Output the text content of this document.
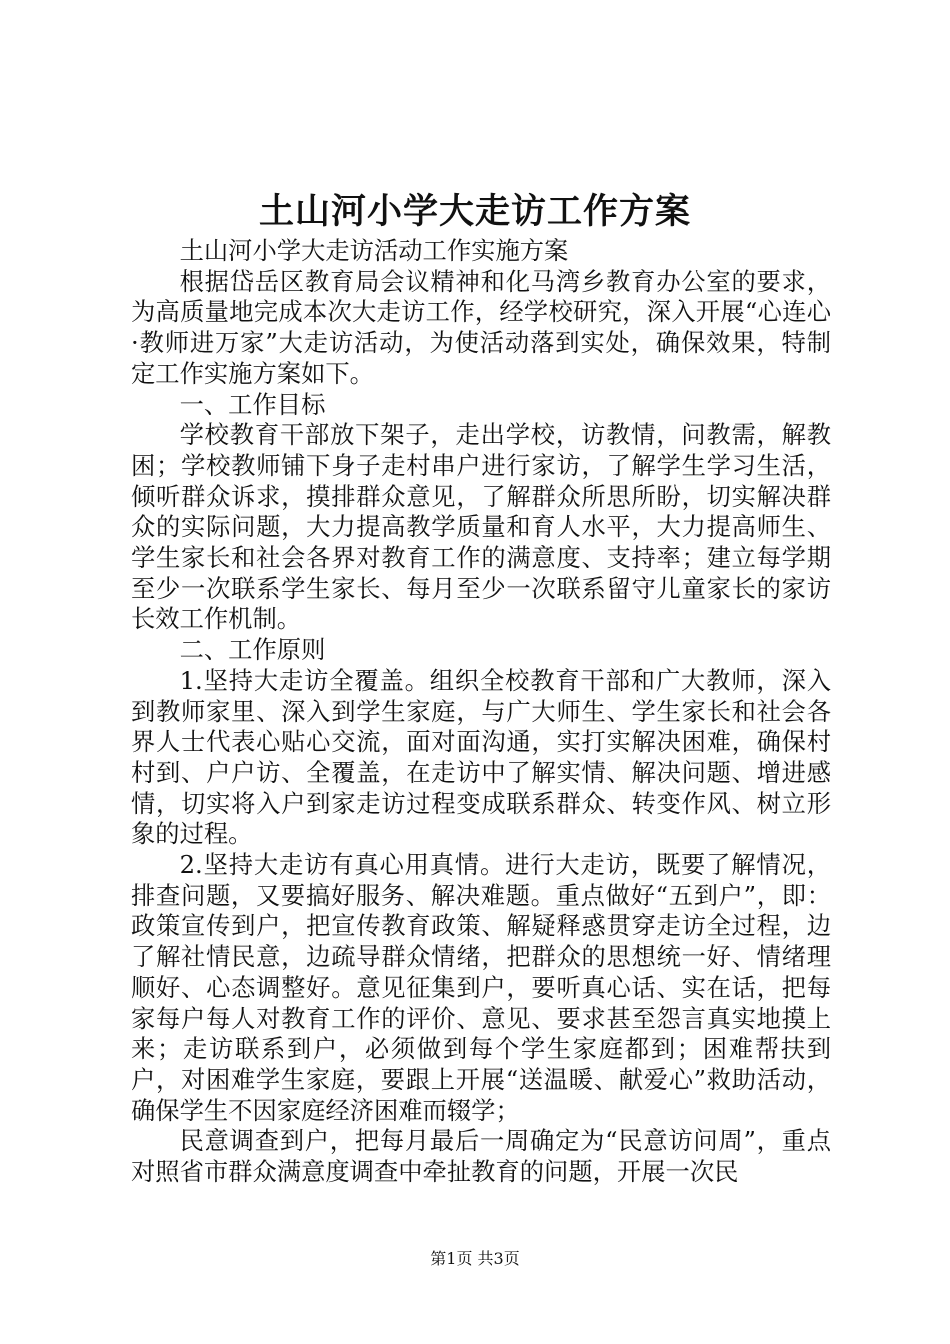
土山河小学大走访工作方案

土山河小学大走访活动工作实施方案

根据岱岳区教育局会议精神和化马湾乡教育办公室的要求，为高质量地完成本次大走访工作，经学校研究，深入开展“心连心·教师进万家”大走访活动，为使活动落到实处，确保效果，特制定工作实施方案如下。

一、工作目标

学校教育干部放下架子，走出学校，访教情，问教需，解教困；学校教师铺下身子走村串户进行家访，了解学生学习生活，倾听群众诉求，摸排群众意见，了解群众所思所盼，切实解决群众的实际问题，大力提高教学质量和育人水平，大力提高师生、学生家长和社会各界对教育工作的满意度、支持率；建立每学期至少一次联系学生家长、每月至少一次联系留守儿童家长的家访长效工作机制。

二、工作原则

1.坚持大走访全覆盖。组织全校教育干部和广大教师，深入到教师家里、深入到学生家庭，与广大师生、学生家长和社会各界人士代表心贴心交流，面对面沟通，实打实解决困难，确保村村到、户户访、全覆盖，在走访中了解实情、解决问题、增进感情，切实将入户到家走访过程变成联系群众、转变作风、树立形象的过程。

2.坚持大走访有真心用真情。进行大走访，既要了解情况，排查问题，又要搞好服务、解决难题。重点做好“五到户”，即：政策宣传到户，把宣传教育政策、解疑释惑贯穿走访全过程，边了解社情民意，边疏导群众情绪，把群众的思想统一好、情绪理顺好、心态调整好。意见征集到户，要听真心话、实在话，把每家每户每人对教育工作的评价、意见、要求甚至怨言真实地摸上来；走访联系到户，必须做到每个学生家庭都到；困难帮扶到户，对困难学生家庭，要跟上开展“送温暖、献爱心”救助活动，确保学生不因家庭经济困难而辍学；

民意调查到户，把每月最后一周确定为“民意访问周”，重点对照省市群众满意度调查中牵扯教育的问题，开展一次民

第1页 共3页
